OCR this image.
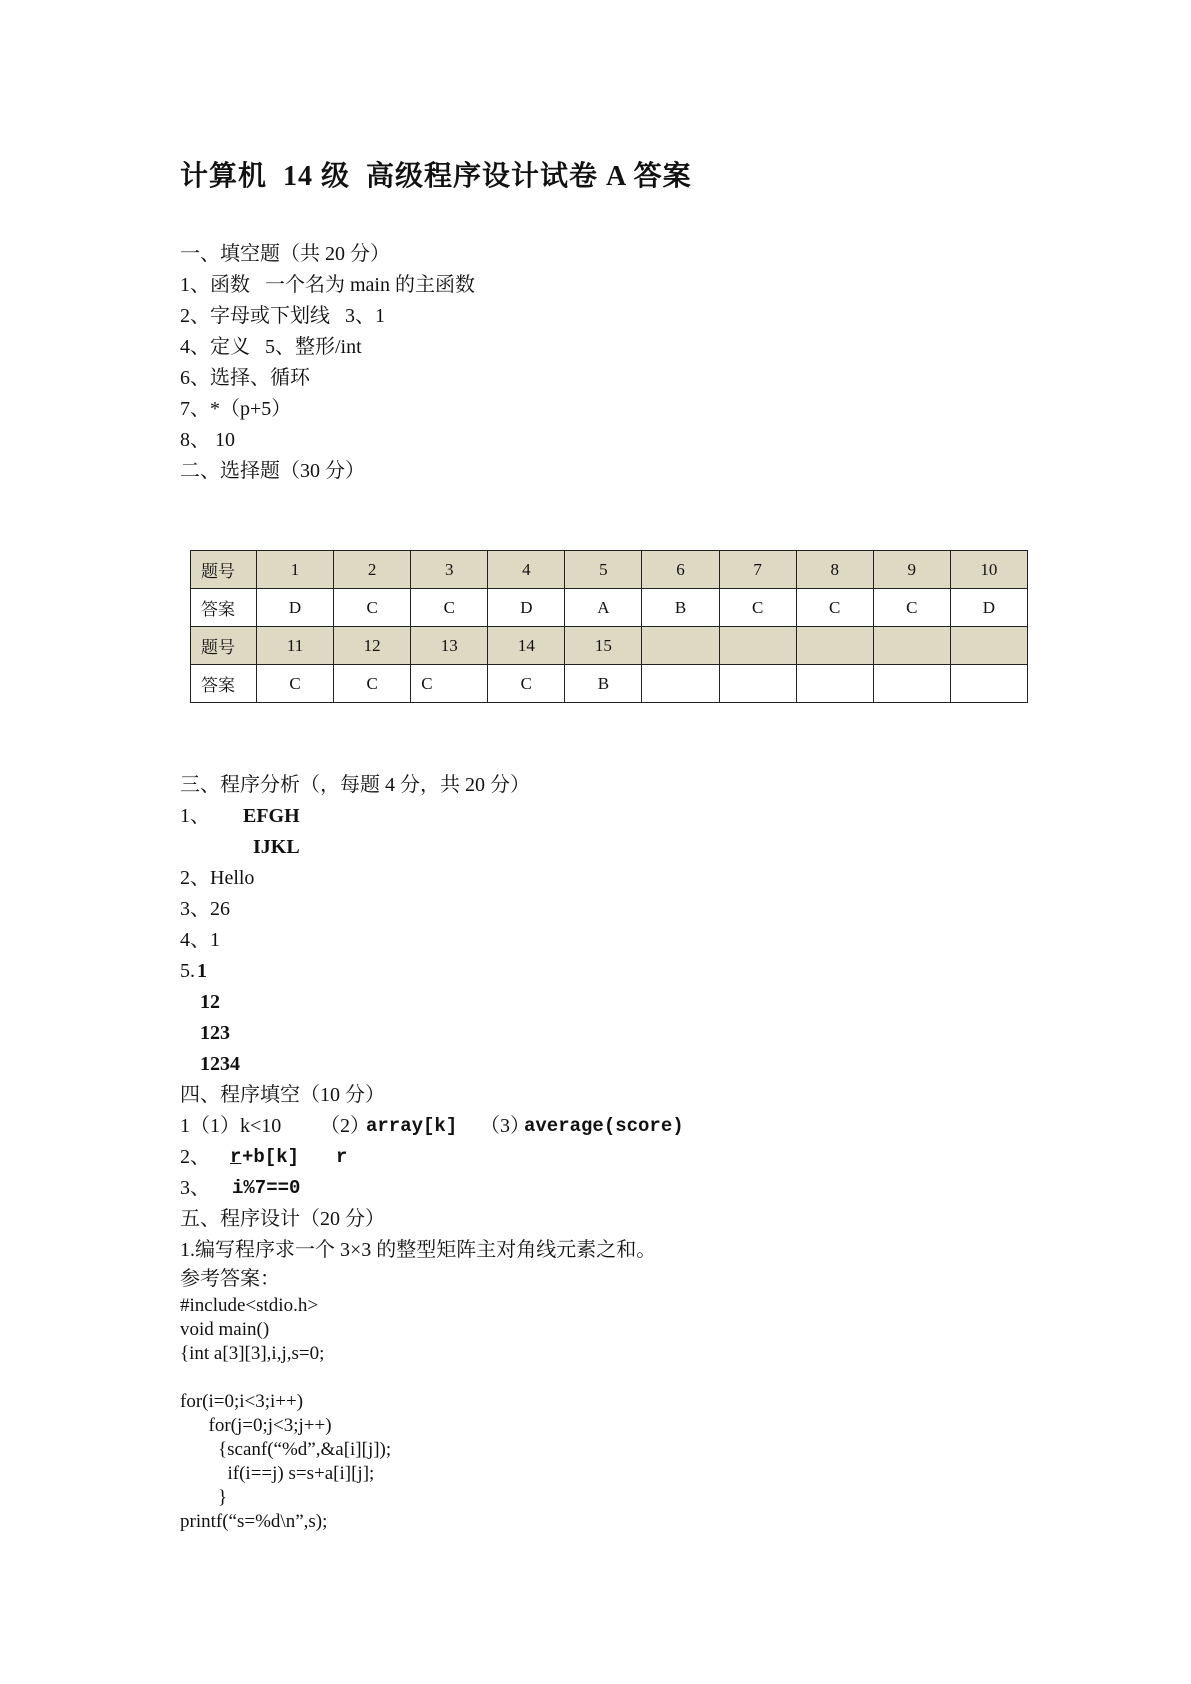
计算机  14 级  高级程序设计试卷 A 答案
一、填空题（共 20 分）
1、函数   一个名为 main 的主函数
2、字母或下划线   3、1
4、定义   5、整形/int
6、选择、循环
7、*（p+5）
8、 10
二、选择题（30 分）
题号	1	2	3	4	5	6	7	8	9	10
答案	D	C	C	D	A	B	C	C	C	D
题号	11	12	13	14	15					
答案	C	C	C	C	B					
三、程序分析（，每题 4 分，共 20 分）
1、 EFGH
IJKL
2、Hello
3、26
4、1
5. 1
12
123
1234
四、程序填空（10 分）
1（1）k<10 （2）
array[k] （3）
average(score)
2、 r +b[k] r
3、 i%7==0
五、程序设计（20 分）
1.编写程序求一个 3×3 的整型矩阵主对角线元素之和。
参考答案：
#include<stdio.h>
void main()
{int a[3][3],i,j,s=0;
for(i=0;i<3;i++)
for(j=0;j<3;j++)
{scanf(“%d”,&a[i][j]);
if(i==j) s=s+a[i][j];
}
printf(“s=%d\n”,s);
